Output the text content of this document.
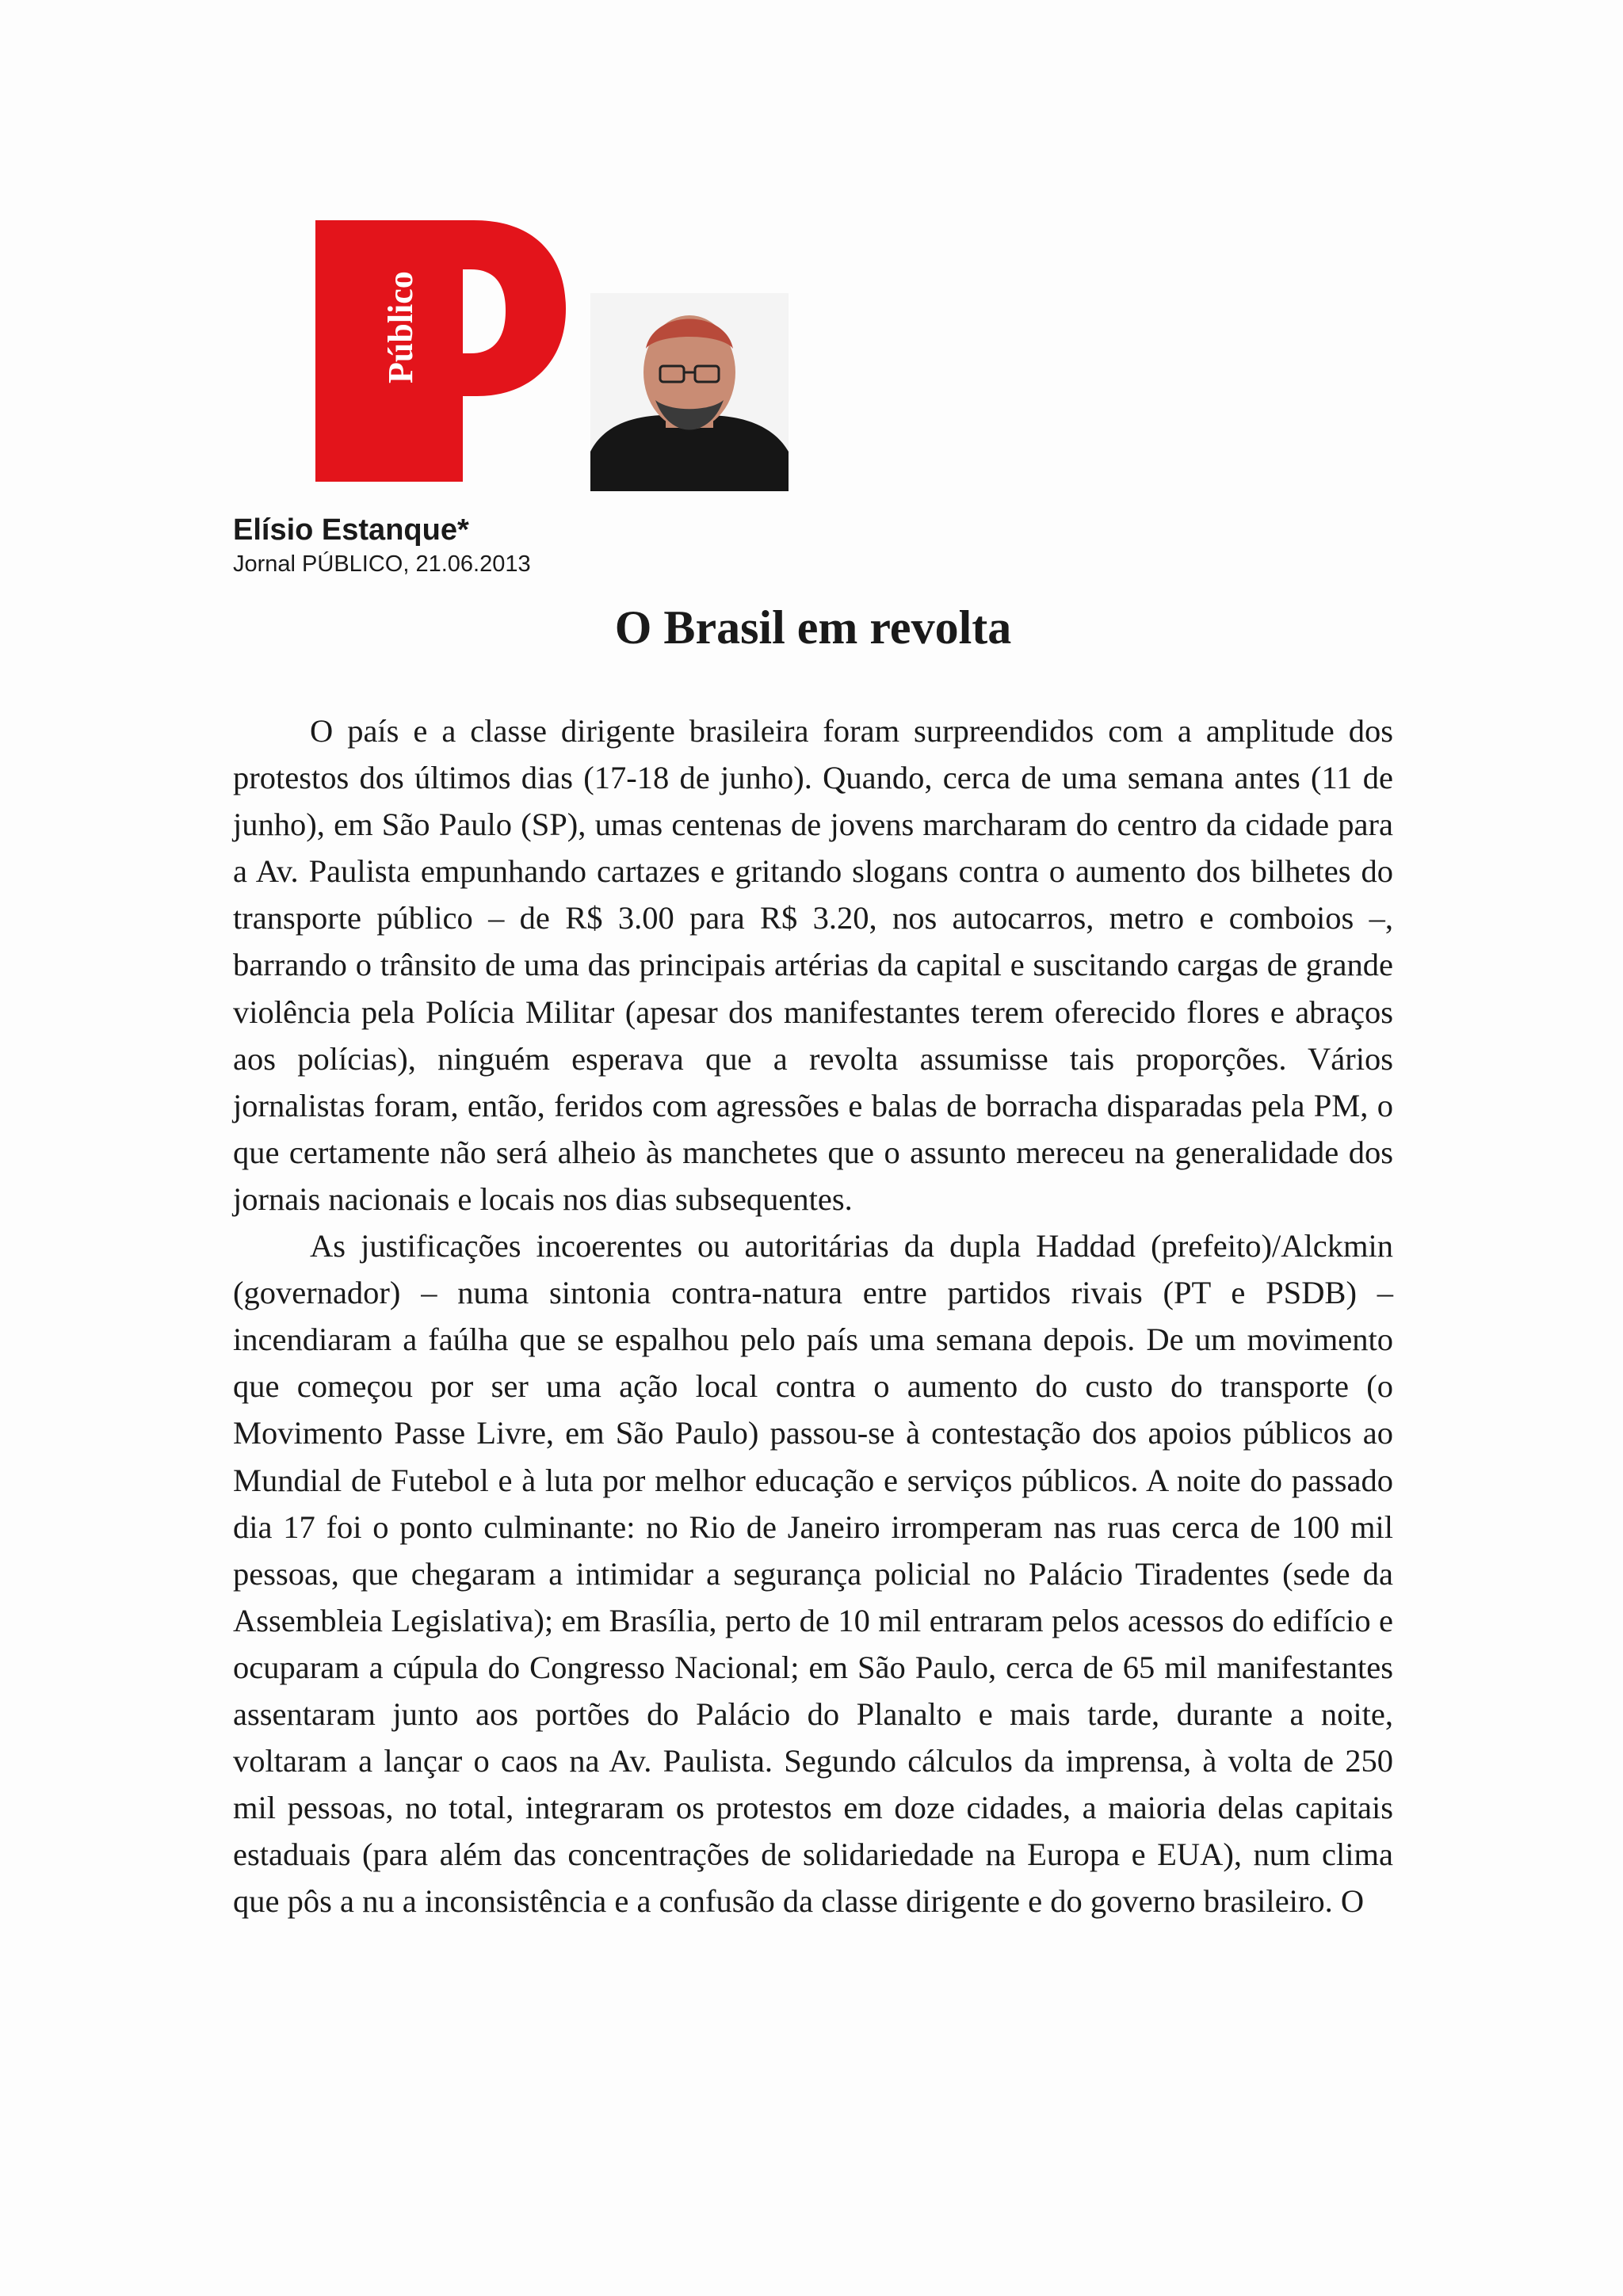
Público
Elísio Estanque*
Jornal PÚBLICO, 21.06.2013
O Brasil em revolta

O país e a classe dirigente brasileira foram surpreendidos com a amplitude dos protestos dos últimos dias (17-18 de junho). Quando, cerca de uma semana antes (11 de junho), em São Paulo (SP), umas centenas de jovens marcharam do centro da cidade para a Av. Paulista empunhando cartazes e gritando slogans contra o aumento dos bilhetes do transporte público – de R$ 3.00 para R$ 3.20, nos autocarros, metro e comboios –, barrando o trânsito de uma das principais artérias da capital e suscitando cargas de grande violência pela Polícia Militar (apesar dos manifestantes terem oferecido flores e abraços aos polícias), ninguém esperava que a revolta assumisse tais proporções. Vários jornalistas foram, então, feridos com agressões e balas de borracha disparadas pela PM, o que certamente não será alheio às manchetes que o assunto mereceu na generalidade dos jornais nacionais e locais nos dias subsequentes.

As justificações incoerentes ou autoritárias da dupla Haddad (prefeito)/Alckmin (governador) – numa sintonia contra-natura entre partidos rivais (PT e PSDB) – incendiaram a faúlha que se espalhou pelo país uma semana depois. De um movimento que começou por ser uma ação local contra o aumento do custo do transporte (o Movimento Passe Livre, em São Paulo) passou-se à contestação dos apoios públicos ao Mundial de Futebol e à luta por melhor educação e serviços públicos. A noite do passado dia 17 foi o ponto culminante: no Rio de Janeiro irromperam nas ruas cerca de 100 mil pessoas, que chegaram a intimidar a segurança policial no Palácio Tiradentes (sede da Assembleia Legislativa); em Brasília, perto de 10 mil entraram pelos acessos do edifício e ocuparam a cúpula do Congresso Nacional; em São Paulo, cerca de 65 mil manifestantes assentaram junto aos portões do Palácio do Planalto e mais tarde, durante a noite, voltaram a lançar o caos na Av. Paulista. Segundo cálculos da imprensa, à volta de 250 mil pessoas, no total, integraram os protestos em doze cidades, a maioria delas capitais estaduais (para além das concentrações de solidariedade na Europa e EUA), num clima que pôs a nu a inconsistência e a confusão da classe dirigente e do governo brasileiro. O
